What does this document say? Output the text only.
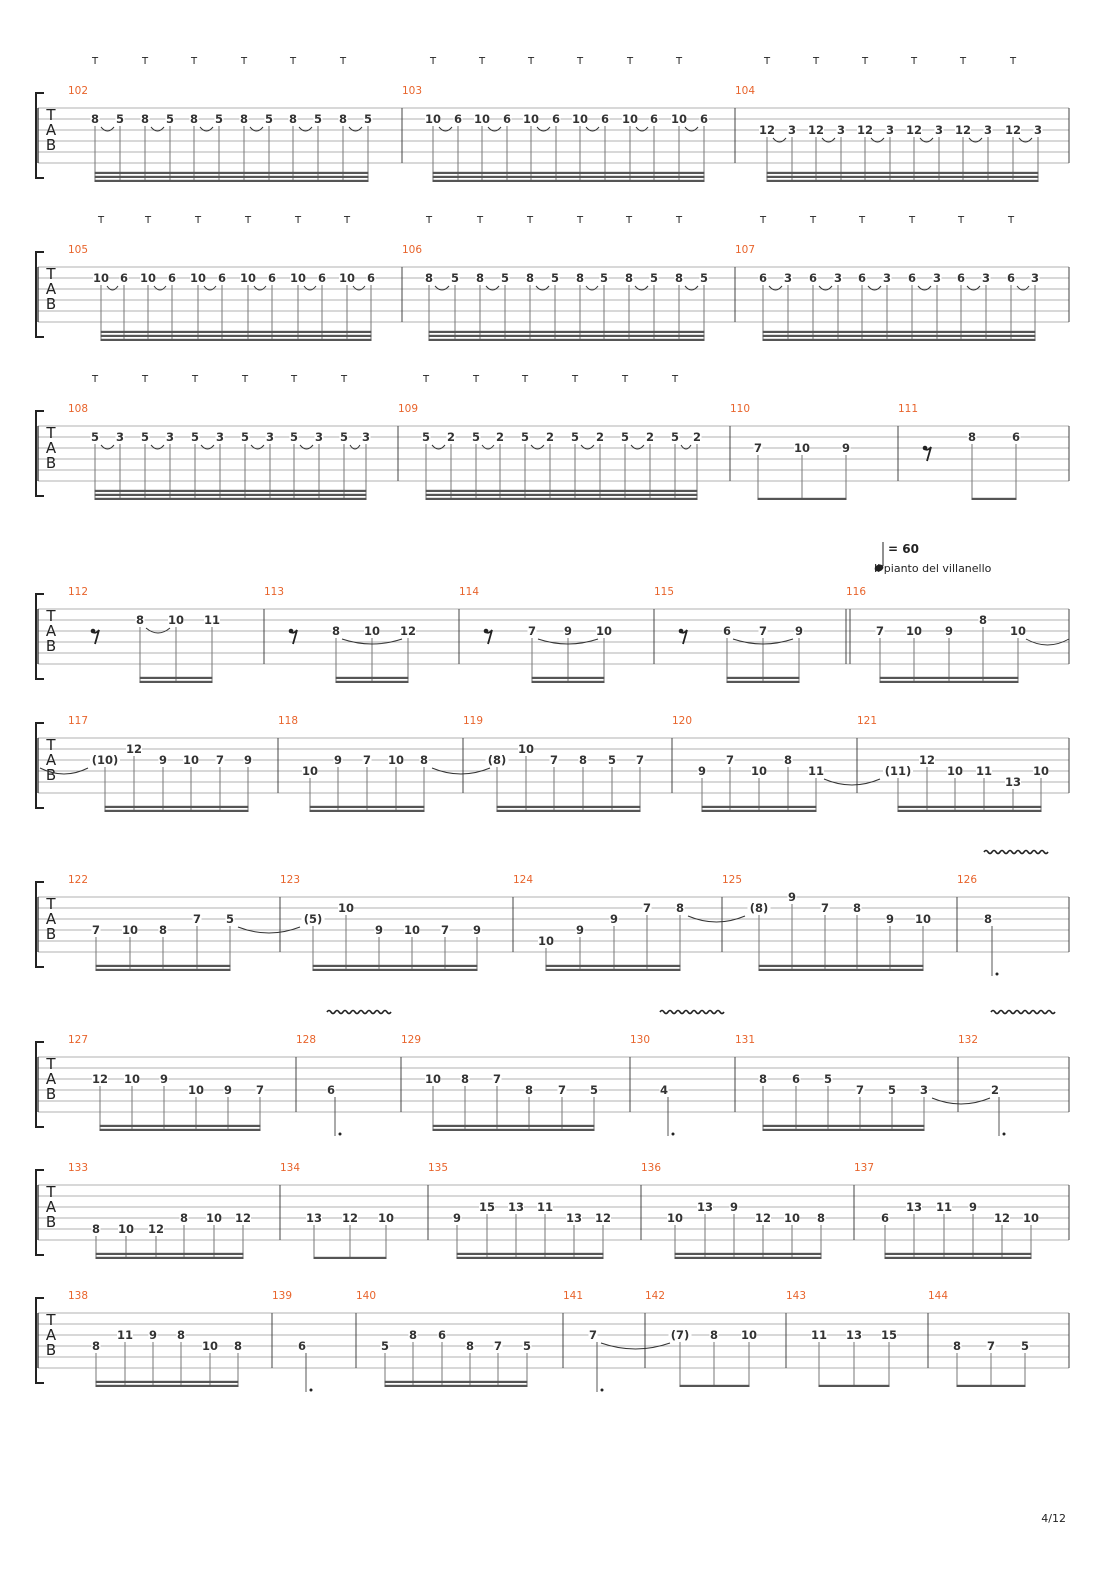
T
A
B
102
T	T	T	T	T	T
8 5 8 5 8 5 8 5 8 5 8 5
103
T	T	T	T	T	T
10 6 10 6 10 6 10 6 10 6 10 6
104
T	T	T	T	T	T
12 3 12 3 12 3 12 3 12 3 12 3
T
A
B
105
T	T	T	T	T	T
10 6 10 6 10 6 10 6 10 6 10 6
106
T	T	T	T	T	T
8 5 8 5 8 5 8 5 8 5 8 5
107
T	T	T	T	T	T
6 3 6 3 6 3 6 3 6 3 6 3
T
A
B
108
T	T	T	T	T	T
5 3 5 3 5 3 5 3 5 3 5 3
109
T	T	T	T	T	T
5 2 5 2 5 2 5 2 5 2 5 2
110
7	10	9
111
8	6
T
A
B
112
8 10 11
113
8 10 12
114
7 9 10
115
6 7 9
116
7 10 9
8
10
T
A
B
117
(10)
12
9 10 7 9
118
10
9 7 10 8
119
(8)
10
7 8 5 7
120
9
7
10
8
11
121
(11)
12
10 11
13
10
T
A
B
122
7 10 8
7 5
123
(5)
10
9 10 7 9
124
10
9
9
7 8
125
(8)
9
7 8
9 10
126
8
T
A
B
127
12 10 9
10 9 7
128
6
129
10 8 7
8 7 5
130
4
131
8 6 5
7 5 3
132
2
T
A
B
133
8 10 12
8 10 12
134
13 12 10
135
9
15 13 11
13 12
136
10
13 9
12 10 8
137
6
13 11 9
12 10
T
A
B
138
8
11 9 8
10 8
139
6
140
5
8 6
8 7 5
141
7
142
(7) 8 10
143
11 13 15
144
8 7 5
= 60
Il pianto del villanello
4/12
